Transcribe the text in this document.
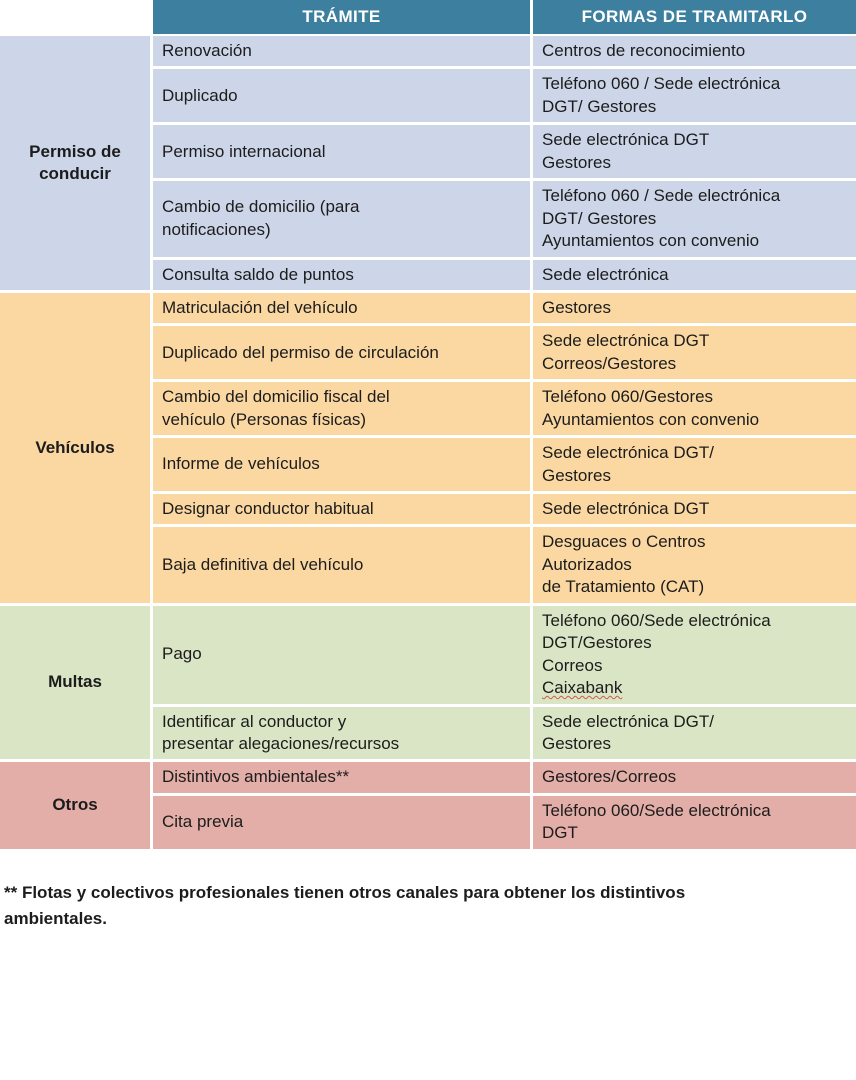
	TRÁMITE	FORMAS DE TRAMITARLO

Permiso de
conducir	Renovación	Centros de reconocimiento

	Duplicado	Teléfono 060 / Sede electrónica
DGT/ Gestores

	Permiso internacional	Sede electrónica DGT
Gestores

	Cambio de domicilio (para
notificaciones)	Teléfono 060 / Sede electrónica
DGT/ Gestores
Ayuntamientos con convenio

	Consulta saldo de puntos	Sede electrónica

Vehículos	Matriculación del vehículo	Gestores

	Duplicado del permiso de circulación	Sede electrónica DGT
Correos/Gestores

	Cambio del domicilio fiscal del
vehículo (Personas físicas)	Teléfono 060/Gestores
Ayuntamientos con convenio

	Informe de vehículos	Sede electrónica DGT/
Gestores

	Designar conductor habitual	Sede electrónica DGT

	Baja definitiva del vehículo	Desguaces o Centros
Autorizados
de Tratamiento (CAT)

Multas	Pago	Teléfono 060/Sede electrónica
DGT/Gestores
Correos
Caixabank

	Identificar al conductor y
presentar alegaciones/recursos	Sede electrónica DGT/
Gestores

Otros	Distintivos ambientales**	Gestores/Correos

	Cita previa	Teléfono 060/Sede electrónica
DGT
** Flotas y colectivos profesionales tienen otros canales para obtener los distintivos
ambientales.
